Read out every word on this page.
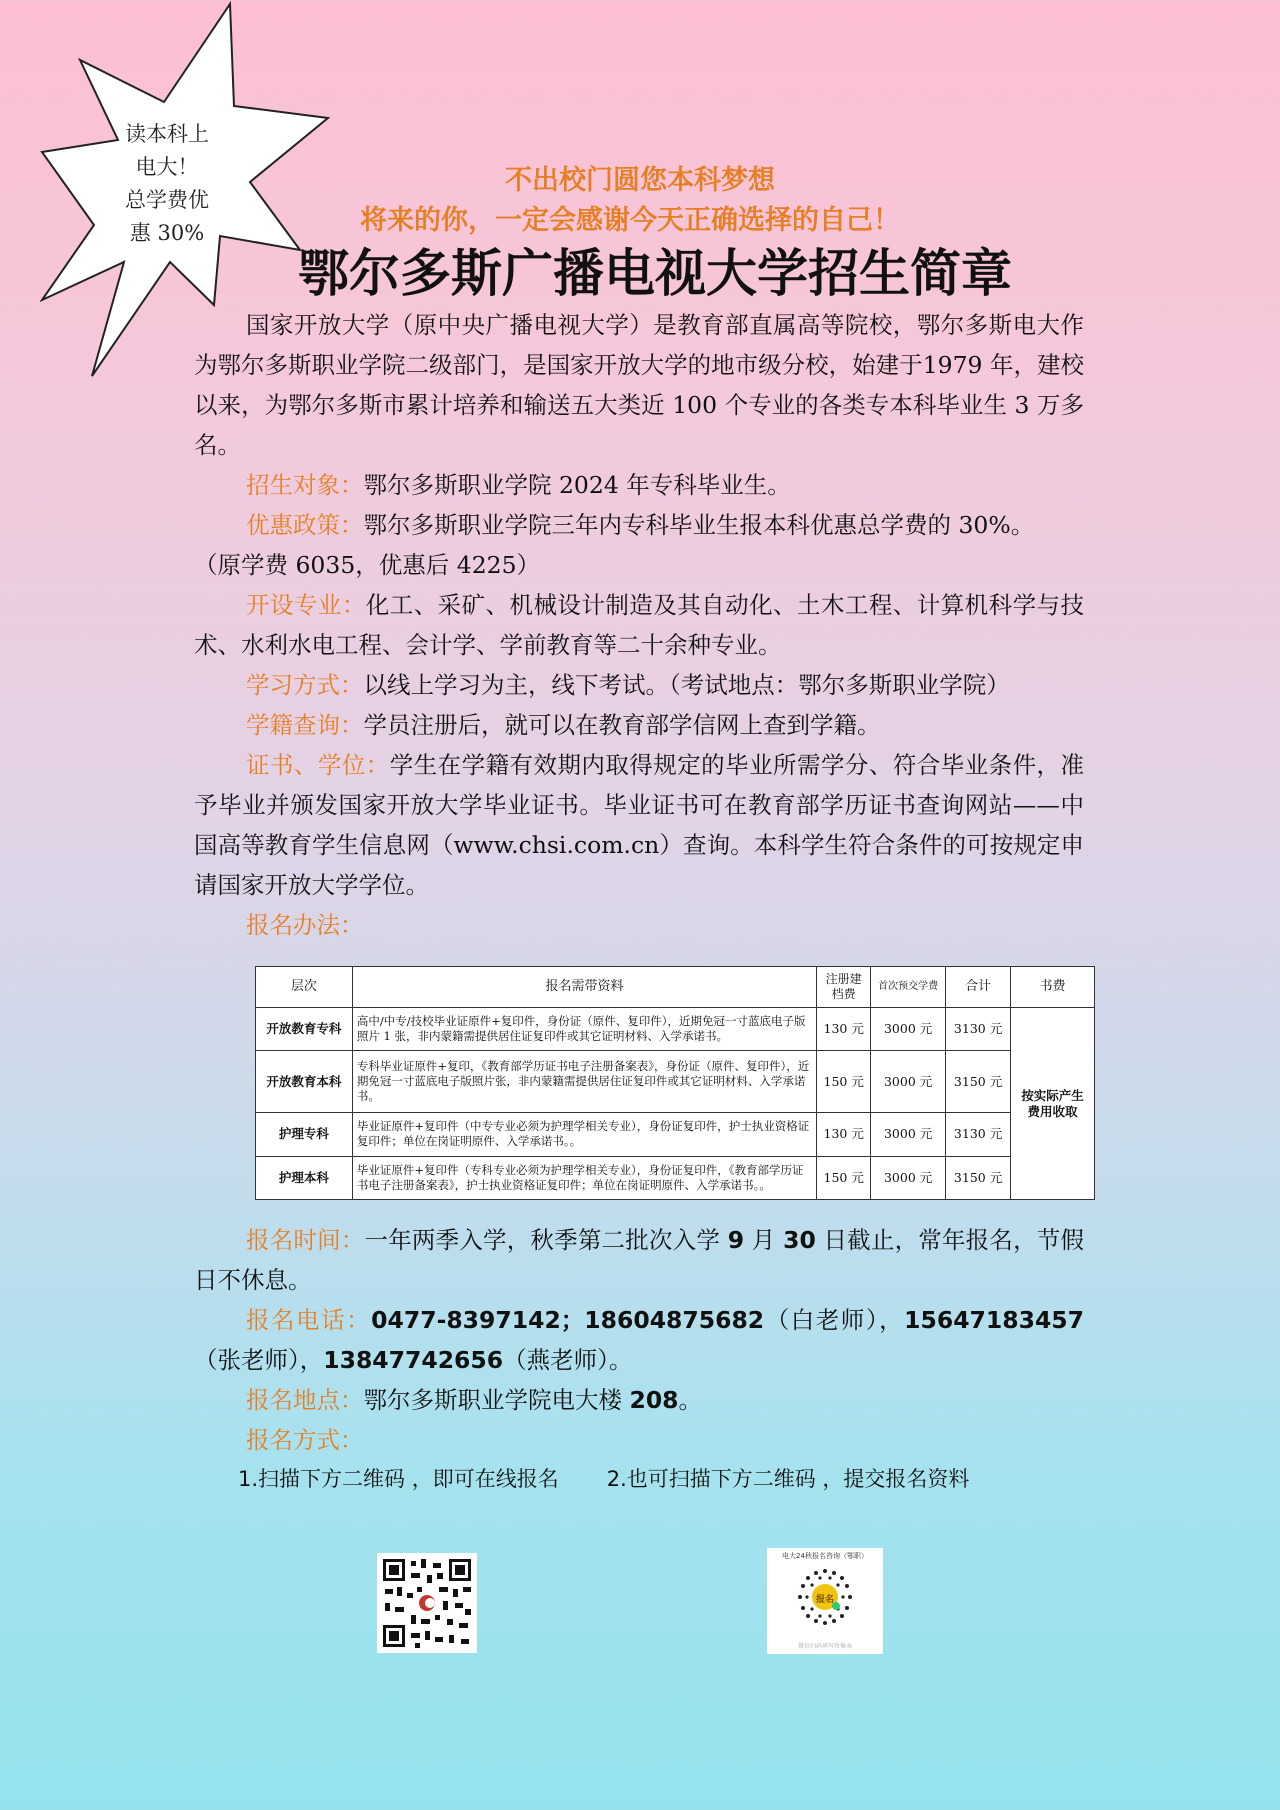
读本科上
电大！
总学费优
惠 30%
不出校门圆您本科梦想
将来的你，一定会感谢今天正确选择的自己！
鄂尔多斯广播电视大学招生简章

国家开放大学（原中央广播电视大学）是教育部直属高等院校，鄂尔多斯电大作为鄂尔多斯职业学院二级部门，是国家开放大学的地市级分校，始建于1979 年，建校以来，为鄂尔多斯市累计培养和输送五大类近 100 个专业的各类专本科毕业生 3 万多名。

招生对象：鄂尔多斯职业学院 2024 年专科毕业生。

优惠政策：鄂尔多斯职业学院三年内专科毕业生报本科优惠总学费的 30%。

（原学费 6035，优惠后 4225）

开设专业：化工、采矿、机械设计制造及其自动化、土木工程、计算机科学与技术、水利水电工程、会计学、学前教育等二十余种专业。

学习方式：以线上学习为主，线下考试。（考试地点：鄂尔多斯职业学院）

学籍查询：学员注册后，就可以在教育部学信网上查到学籍。

证书、学位：学生在学籍有效期内取得规定的毕业所需学分、符合毕业条件，准予毕业并颁发国家开放大学毕业证书。毕业证书可在教育部学历证书查询网站——中国高等教育学生信息网（www.chsi.com.cn）查询。本科学生符合条件的可按规定申请国家开放大学学位。

报名办法：

层次	报名需带资料	注册建档费	首次预交学费	合计	书费
开放教育专科	高中/中专/技校毕业证原件+复印件，身份证（原件、复印件），近期免冠一寸蓝底电子版照片 1 张，非内蒙籍需提供居住证复印件或其它证明材料、入学承诺书。	130 元	3000 元	3130 元	按实际产生费用收取
开放教育本科	专科毕业证原件+复印，《教育部学历证书电子注册备案表》，身份证（原件、复印件），近期免冠一寸蓝底电子版照片张，非内蒙籍需提供居住证复印件或其它证明材料、入学承诺书。	150 元	3000 元	3150 元	
护理专科	毕业证原件+复印件（中专专业必须为护理学相关专业），身份证复印件，护士执业资格证复印件；单位在岗证明原件、入学承诺书。。	130 元	3000 元	3130 元	
护理本科	毕业证原件+复印件（专科专业必须为护理学相关专业），身份证复印件，《教育部学历证书电子注册备案表》，护士执业资格证复印件；单位在岗证明原件、入学承诺书。。	150 元	3000 元	3150 元	

报名时间：一年两季入学，秋季第二批次入学 9 月 30 日截止，常年报名，节假日不休息。

报名电话：0477-8397142；18604875682（白老师），15647183457（张老师），13847742656（燕老师）。

报名地点：鄂尔多斯职业学院电大楼 208。

报名方式：

1.扫描下方二维码 ，即可在线报名 2.也可扫描下方二维码 ，提交报名资料
电大24秋报名咨询（鄂职）
报名
微信扫码填写收集表
